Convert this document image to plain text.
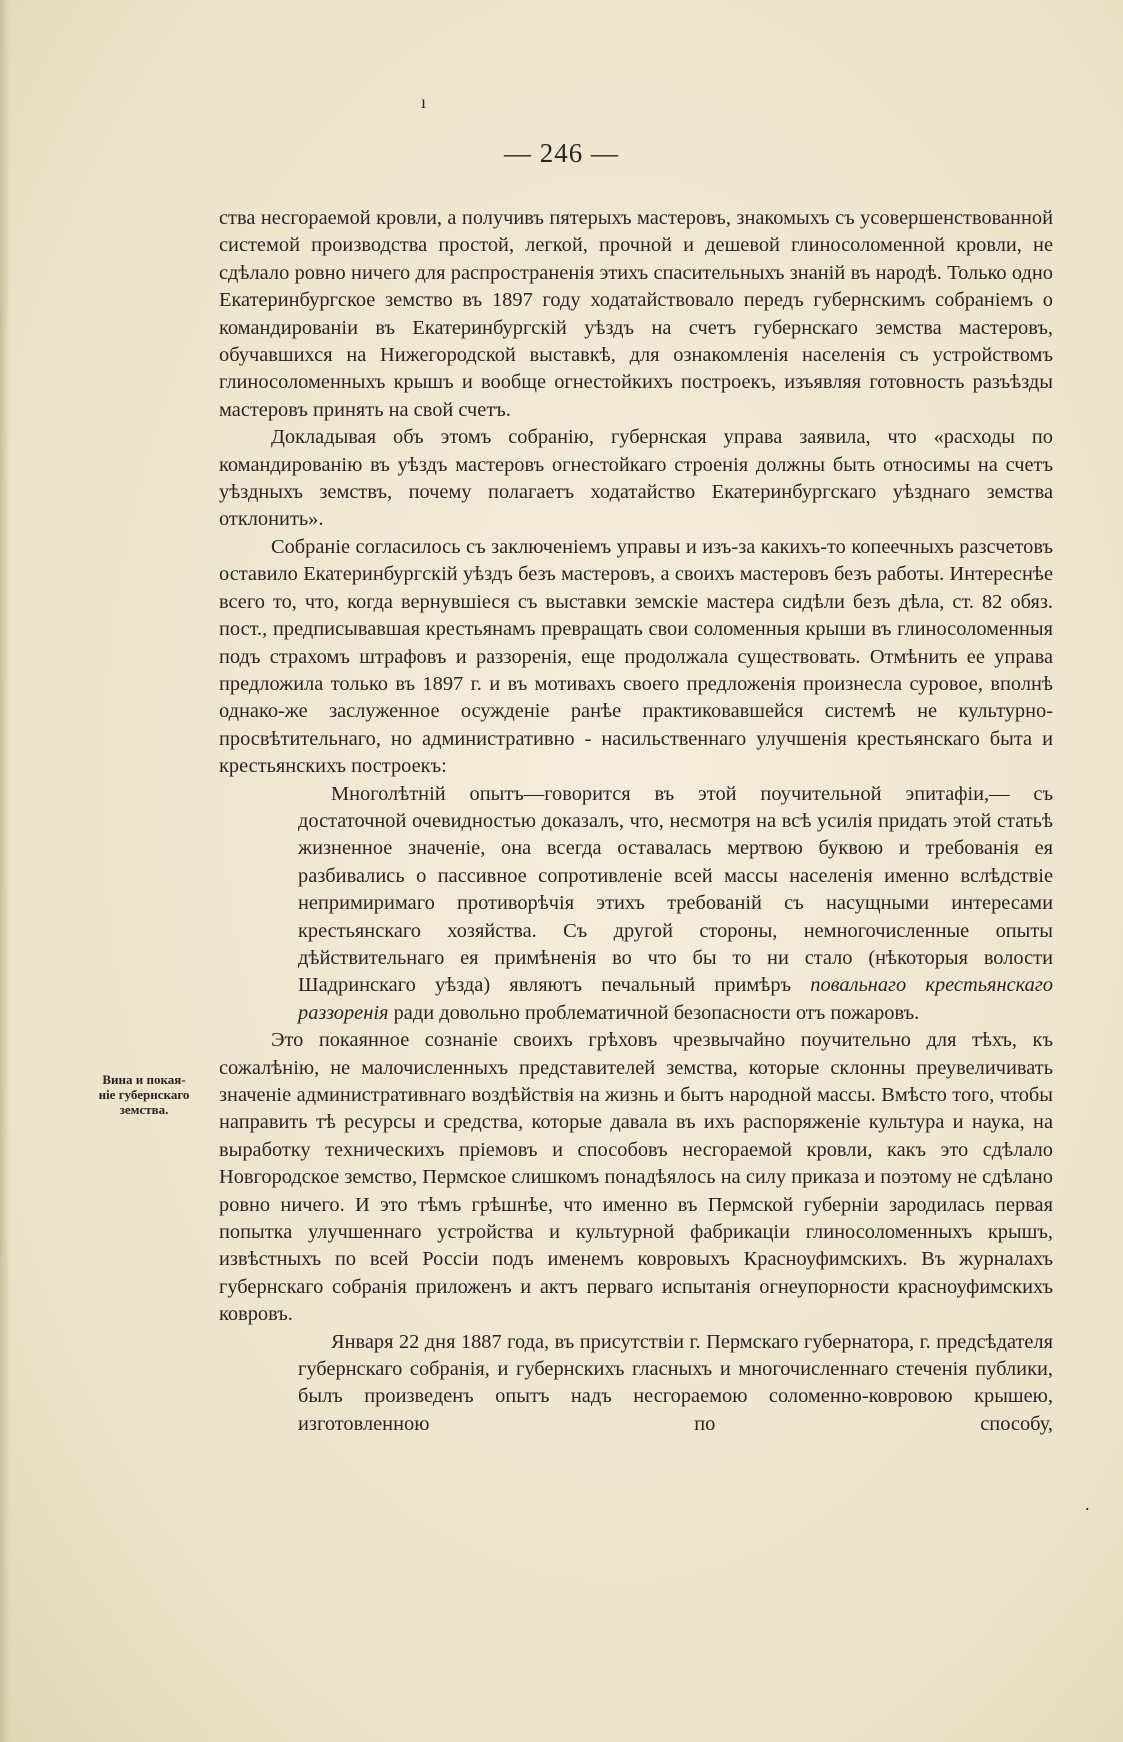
ı
— 246 —
Вина и покая-
ніе губернскаго
земства.

ства несгораемой кровли, а получивъ пятерыхъ мастеровъ, знакомыхъ съ усовершенствованной системой производства простой, легкой, прочной и дешевой глиносоломенной кровли, не сдѣлало ровно ничего для распространенія этихъ спасительныхъ знаній въ народѣ. Только одно Екатеринбургское земство въ 1897 году ходатайствовало передъ губернскимъ собраніемъ о командированіи въ Екатеринбургскій уѣздъ на счетъ губернскаго земства мастеровъ, обучавшихся на Нижегородской выставкѣ, для ознакомленія населенія съ устройствомъ глиносоломенныхъ крышъ и вообще огнестойкихъ построекъ, изъявляя готовность разъѣзды мастеровъ принять на свой счетъ.

Докладывая объ этомъ собранію, губернская управа заявила, что «расходы по командированію въ уѣздъ мастеровъ огнестойкаго строенія должны быть относимы на счетъ уѣздныхъ земствъ, почему полагаетъ ходатайство Екатеринбургскаго уѣзднаго земства отклонить».

Собраніе согласилось съ заключеніемъ управы и изъ-за какихъ-то копеечныхъ разсчетовъ оставило Екатеринбургскій уѣздъ безъ мастеровъ, а своихъ мастеровъ безъ работы. Интереснѣе всего то, что, когда вернувшіеся съ выставки земскіе мастера сидѣли безъ дѣла, ст. 82 обяз. пост., предписывавшая крестьянамъ превращать свои соломенныя крыши въ глиносоломенныя подъ страхомъ штрафовъ и раззоренія, еще продолжала существовать. Отмѣнить ее управа предложила только въ 1897 г. и въ мотивахъ своего предложенія произнесла суровое, вполнѣ однако-же заслуженное осужденіе ранѣе практиковавшейся системѣ не культурно-просвѣтительнаго, но административно - насильственнаго улучшенія крестьянскаго быта и крестьянскихъ построекъ:

Многолѣтній опытъ—говорится въ этой поучительной эпитафіи,— съ достаточной очевидностью доказалъ, что, несмотря на всѣ усилія придать этой статьѣ жизненное значеніе, она всегда оставалась мертвою буквою и требованія ея разбивались о пассивное сопротивленіе всей массы населенія именно вслѣдствіе непримиримаго противорѣчія этихъ требованій съ насущными интересами крестьянскаго хозяйства. Съ другой стороны, немногочисленные опыты дѣйствительнаго ея примѣненія во что бы то ни стало (нѣкоторыя волости Шадринскаго уѣзда) являютъ печальный примѣръ повальнаго крестьянскаго раззоренія ради довольно проблематичной безопасности отъ пожаровъ.

Это покаянное сознаніе своихъ грѣховъ чрезвычайно поучительно для тѣхъ, къ сожалѣнію, не малочисленныхъ представителей земства, которые склонны преувеличивать значеніе административнаго воздѣйствія на жизнь и бытъ народной массы. Вмѣсто того, чтобы направить тѣ ресурсы и средства, которые давала въ ихъ распоряженіе культура и наука, на выработку техническихъ пріемовъ и способовъ несгораемой кровли, какъ это сдѣлало Новгородское земство, Пермское слишкомъ понадѣялось на силу приказа и поэтому не сдѣлано ровно ничего. И это тѣмъ грѣшнѣе, что именно въ Пермской губерніи зародилась первая попытка улучшеннаго устройства и культурной фабрикаціи глиносоломенныхъ крышъ, извѣстныхъ по всей Россіи подъ именемъ ковровыхъ Красноуфимскихъ. Въ журналахъ губернскаго собранія приложенъ и актъ перваго испытанія огнеупорности красноуфимскихъ ковровъ.

Января 22 дня 1887 года, въ присутствіи г. Пермскаго губернатора, г. предсѣдателя губернскаго собранія, и губернскихъ гласныхъ и многочисленнаго стеченія публики, былъ произведенъ опытъ надъ несгораемою соломенно-ковровою крышею, изготовленною по способу,

.
